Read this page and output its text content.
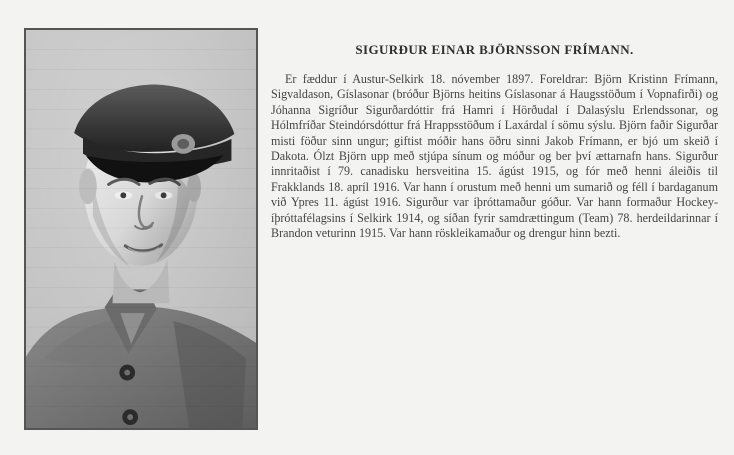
SIGURÐUR EINAR BJÖRNSSON FRÍMANN.

Er fæddur í Austur-Selkirk 18. nóvember 1897. Foreldrar: Björn Kristinn Frímann, Sigvaldason, Gíslasonar (bróður Björns heitins Gíslasonar á Haugsstöðum í Vopnafirði) og Jóhanna Sigríður Sigurðardóttir frá Hamri í Hörðudal í Dalasýslu Erlendssonar, og Hólmfríðar Steindórsdóttur frá Hrappsstöðum í Laxárdal í sömu sýslu. Björn faðir Sigurðar misti föður sinn ungur; giftist móðir hans öðru sinni Jakob Frímann, er bjó um skeið í Dakota. Ólzt Björn upp með stjúpa sínum og móður og ber því ættarnafn hans. Sigurður innritaðist í 79. canadisku hersveitina 15. ágúst 1915, og fór með henni áleiðis til Frakklands 18. apríl 1916. Var hann í orustum með henni um sumarið og féll í bardaganum við Ypres 11. ágúst 1916. Sigurður var íþróttamaður góður. Var hann formaður Hockey-íþróttafélagsins í Selkirk 1914, og síðan fyrir samdrættingum (Team) 78. herdeildarinnar í Brandon veturinn 1915. Var hann röskleikamaður og drengur hinn bezti.
